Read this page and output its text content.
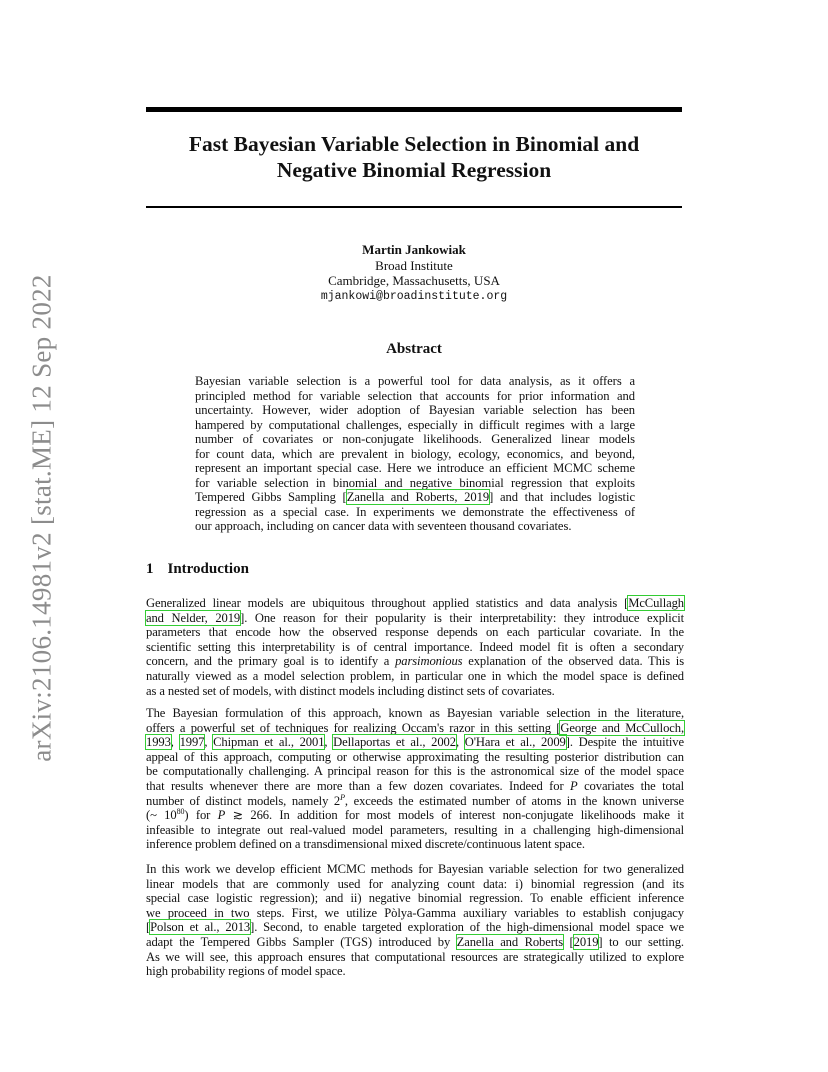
arXiv:2106.14981v2 [stat.ME] 12 Sep 2022
Fast Bayesian Variable Selection in Binomial and
Negative Binomial Regression
Martin Jankowiak
Broad Institute
Cambridge, Massachusetts, USA
mjankowi@broadinstitute.org
Abstract
Bayesian variable selection is a powerful tool for data analysis, as it offers a
principled method for variable selection that accounts for prior information and
uncertainty. However, wider adoption of Bayesian variable selection has been
hampered by computational challenges, especially in difficult regimes with a large
number of covariates or non-conjugate likelihoods. Generalized linear models
for count data, which are prevalent in biology, ecology, economics, and beyond,
represent an important special case. Here we introduce an efficient MCMC scheme
for variable selection in binomial and negative binomial regression that exploits
Tempered Gibbs Sampling [Zanella and Roberts, 2019] and that includes logistic
regression as a special case. In experiments we demonstrate the effectiveness of
our approach, including on cancer data with seventeen thousand covariates.
1 Introduction
Generalized linear models are ubiquitous throughout applied statistics and data analysis [McCullagh
and Nelder, 2019]. One reason for their popularity is their interpretability: they introduce explicit
parameters that encode how the observed response depends on each particular covariate. In the
scientific setting this interpretability is of central importance. Indeed model fit is often a secondary
concern, and the primary goal is to identify a parsimonious explanation of the observed data. This is
naturally viewed as a model selection problem, in particular one in which the model space is defined
as a nested set of models, with distinct models including distinct sets of covariates.
The Bayesian formulation of this approach, known as Bayesian variable selection in the literature,
offers a powerful set of techniques for realizing Occam's razor in this setting [George and McCulloch,
1993, 1997, Chipman et al., 2001, Dellaportas et al., 2002, O'Hara et al., 2009]. Despite the intuitive
appeal of this approach, computing or otherwise approximating the resulting posterior distribution can
be computationally challenging. A principal reason for this is the astronomical size of the model space
that results whenever there are more than a few dozen covariates. Indeed for P covariates the total
number of distinct models, namely $2^P$, exceeds the estimated number of atoms in the known universe
(~ $10^{80}$) for P ≳ 266. In addition for most models of interest non-conjugate likelihoods make it
infeasible to integrate out real-valued model parameters, resulting in a challenging high-dimensional
inference problem defined on a transdimensional mixed discrete/continuous latent space.
In this work we develop efficient MCMC methods for Bayesian variable selection for two generalized
linear models that are commonly used for analyzing count data: i) binomial regression (and its
special case logistic regression); and ii) negative binomial regression. To enable efficient inference
we proceed in two steps. First, we utilize Pòlya-Gamma auxiliary variables to establish conjugacy
[Polson et al., 2013]. Second, to enable targeted exploration of the high-dimensional model space we
adapt the Tempered Gibbs Sampler (TGS) introduced by Zanella and Roberts [2019] to our setting.
As we will see, this approach ensures that computational resources are strategically utilized to explore
high probability regions of model space.
